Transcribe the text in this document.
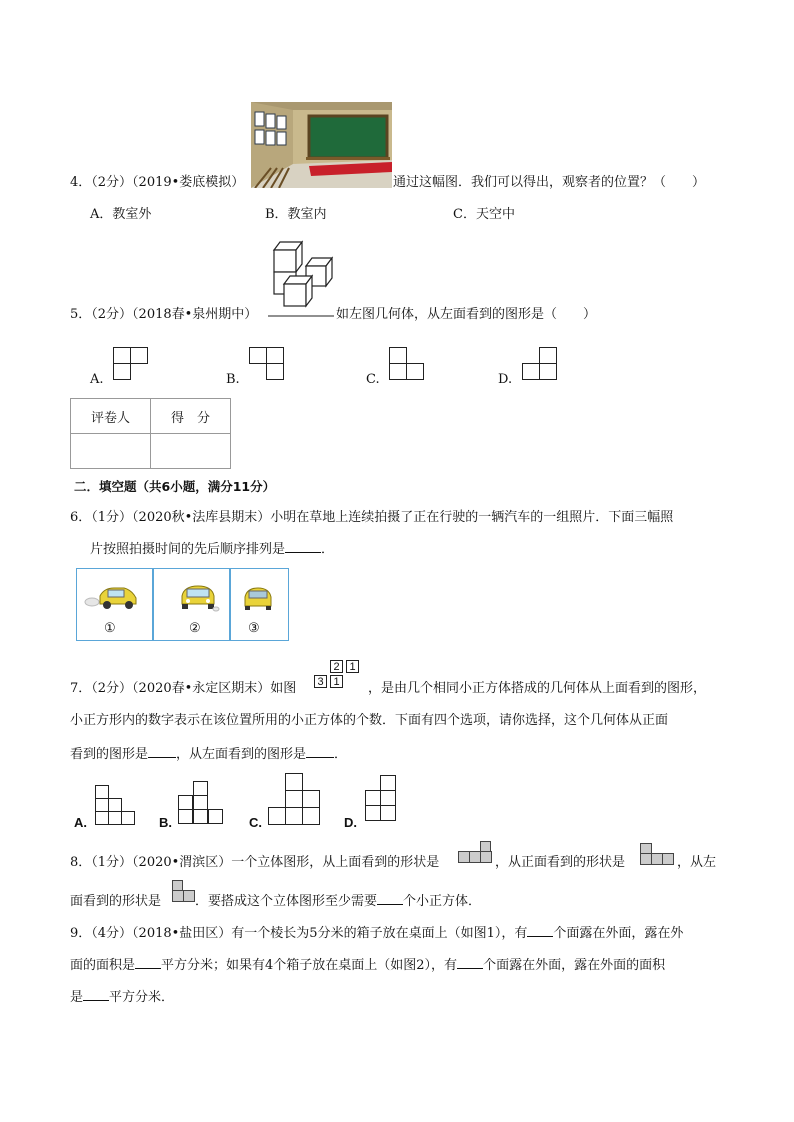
4．（2分）（2019•娄底模拟）	通过这幅图．我们可以得出，观察者的位置？（　　）
A．教室外	B．教室内	C．天空中
5．（2分）（2018春•泉州期中）	如左图几何体，从左面看到的图形是（　　）
A.	B.	C.	D.
评卷人	得　分

二．填空题（共6小题，满分11分）
6．（1分）（2020秋•法库县期末）小明在草地上连续拍摄了正在行驶的一辆汽车的一组照片．下面三幅照
片按照拍摄时间的先后顺序排列是	．
①	②	③
7．（2分）（2020春•永定区期末）如图
2 1
3 1 ，是由几个相同小正方体搭成的几何体从上面看到的图形，
小正方形内的数字表示在该位置所用的小正方体的个数．下面有四个选项，请你选择，这个几何体从正面
看到的图形是 ，从左面看到的图形是 ．
A.	B.	C.	D.
8．（1分）（2020•渭滨区）一个立体图形，从上面看到的形状是	，从正面看到的形状是	，从左
面看到的形状是	．要搭成这个立体图形至少需要 个小正方体．
9．（4分）（2018•盐田区）有一个棱长为5分米的箱子放在桌面上（如图1），有 个面露在外面，露在外
面的面积是 平方分米；如果有4个箱子放在桌面上（如图2），有 个面露在外面，露在外面的面积
是 平方分米．
